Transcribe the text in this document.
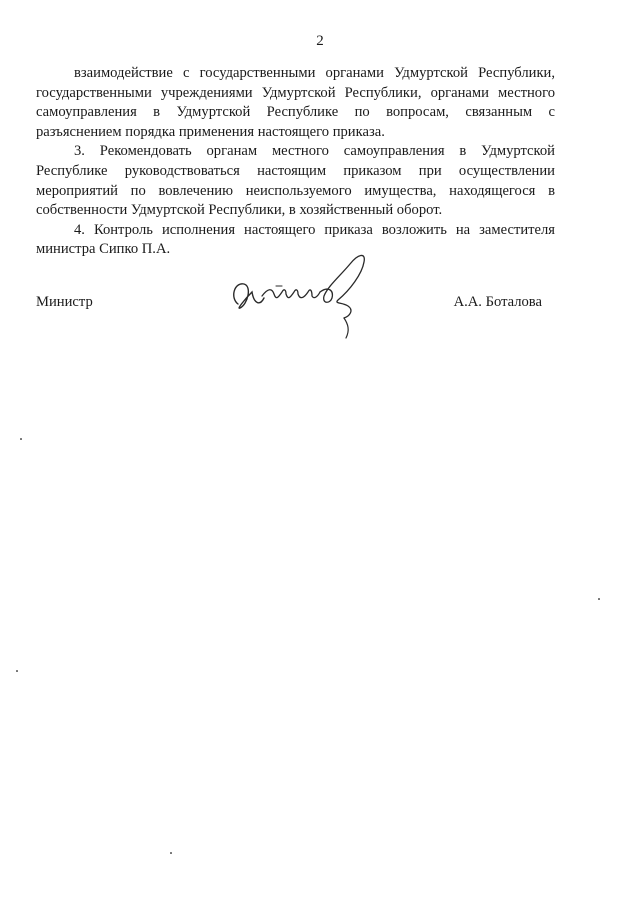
2

взаимодействие с государственными органами Удмуртской Республики, государственными учреждениями Удмуртской Республики, органами местного самоуправления в Удмуртской Республике по вопросам, связанным с разъяснением порядка применения настоящего приказа.

3. Рекомендовать органам местного самоуправления в Удмуртской Республике руководствоваться настоящим приказом при осуществлении мероприятий по вовлечению неиспользуемого имущества, находящегося в собственности Удмуртской Республики, в хозяйственный оборот.

4. Контроль исполнения настоящего приказа возложить на заместителя министра Сипко П.А.

Министр	А.А. Боталова
